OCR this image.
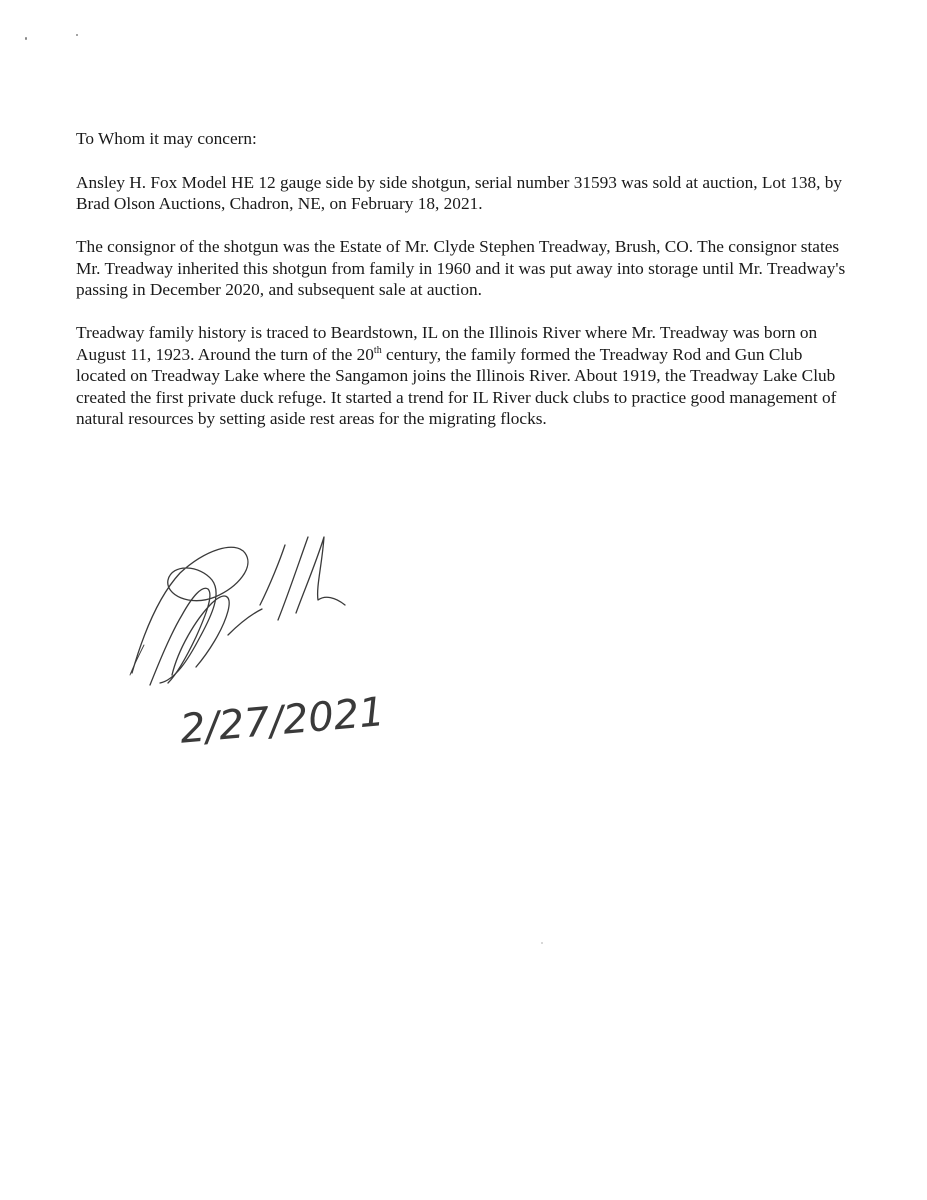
To Whom it may concern:

Ansley H. Fox Model HE 12 gauge side by side shotgun, serial number 31593 was sold at auction, Lot 138, by Brad Olson Auctions, Chadron, NE, on February 18, 2021.

The consignor of the shotgun was the Estate of Mr. Clyde Stephen Treadway, Brush, CO. The consignor states Mr. Treadway inherited this shotgun from family in 1960 and it was put away into storage until Mr. Treadway's passing in December 2020, and subsequent sale at auction.

Treadway family history is traced to Beardstown, IL on the Illinois River where Mr. Treadway was born on August 11, 1923. Around the turn of the 20th century, the family formed the Treadway Rod and Gun Club located on Treadway Lake where the Sangamon joins the Illinois River. About 1919, the Treadway Lake Club created the first private duck refuge. It started a trend for IL River duck clubs to practice good management of natural resources by setting aside rest areas for the migrating flocks.

2/27/2021
